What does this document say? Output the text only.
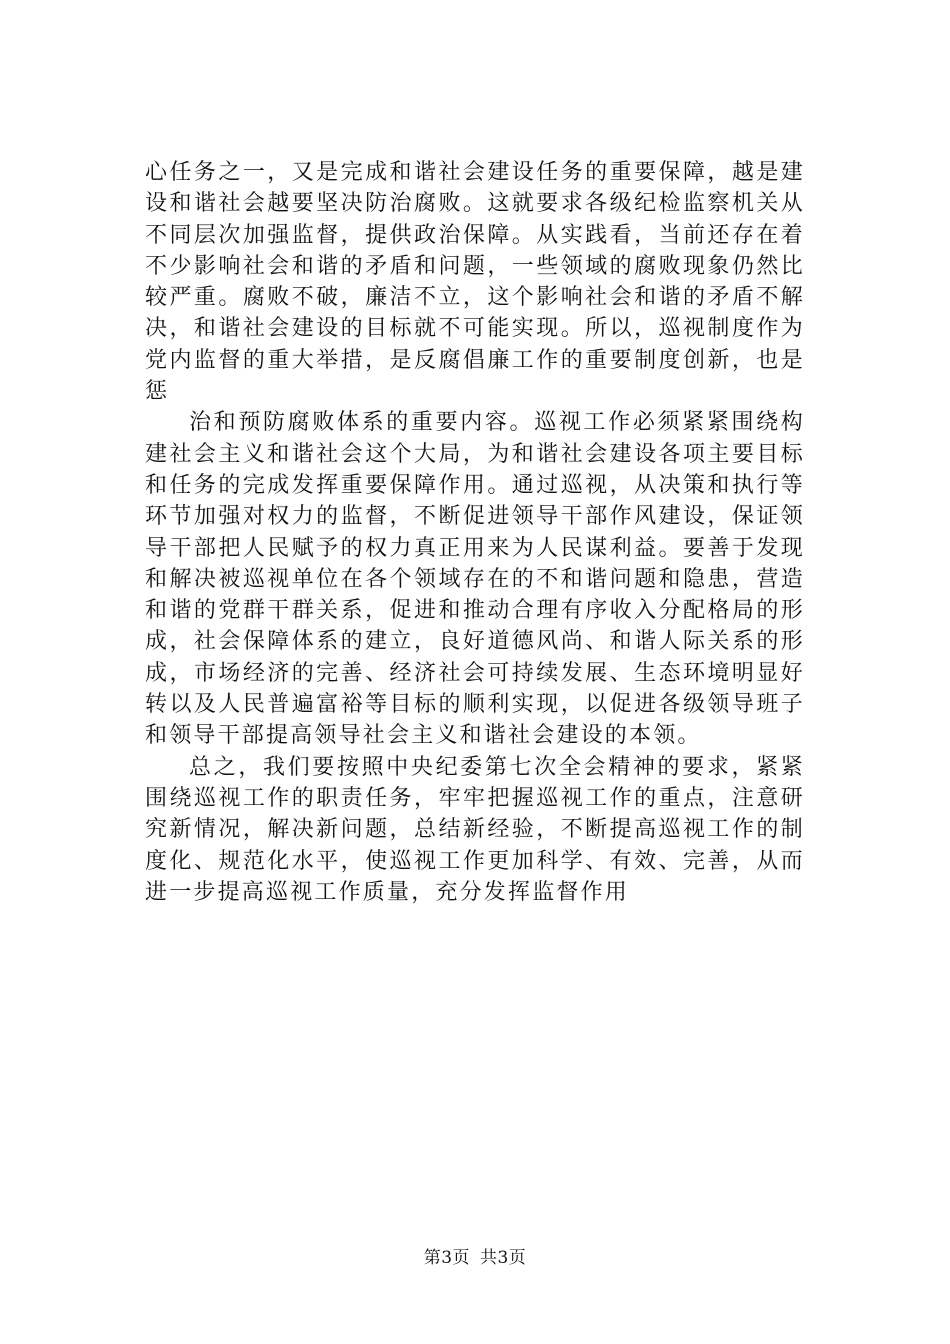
心任务之一，又是完成和谐社会建设任务的重要保障，越是建设和谐社会越要坚决防治腐败。这就要求各级纪检监察机关从不同层次加强监督，提供政治保障。从实践看，当前还存在着不少影响社会和谐的矛盾和问题，一些领域的腐败现象仍然比较严重。腐败不破，廉洁不立，这个影响社会和谐的矛盾不解决，和谐社会建设的目标就不可能实现。所以，巡视制度作为党内监督的重大举措，是反腐倡廉工作的重要制度创新，也是惩

治和预防腐败体系的重要内容。巡视工作必须紧紧围绕构建社会主义和谐社会这个大局，为和谐社会建设各项主要目标和任务的完成发挥重要保障作用。通过巡视，从决策和执行等环节加强对权力的监督，不断促进领导干部作风建设，保证领导干部把人民赋予的权力真正用来为人民谋利益。要善于发现和解决被巡视单位在各个领域存在的不和谐问题和隐患，营造和谐的党群干群关系，促进和推动合理有序收入分配格局的形成，社会保障体系的建立，良好道德风尚、和谐人际关系的形成，市场经济的完善、经济社会可持续发展、生态环境明显好转以及人民普遍富裕等目标的顺利实现，以促进各级领导班子和领导干部提高领导社会主义和谐社会建设的本领。

总之，我们要按照中央纪委第七次全会精神的要求，紧紧围绕巡视工作的职责任务，牢牢把握巡视工作的重点，注意研究新情况，解决新问题，总结新经验，不断提高巡视工作的制度化、规范化水平，使巡视工作更加科学、有效、完善，从而进一步提高巡视工作质量，充分发挥监督作用

第3页 共3页
